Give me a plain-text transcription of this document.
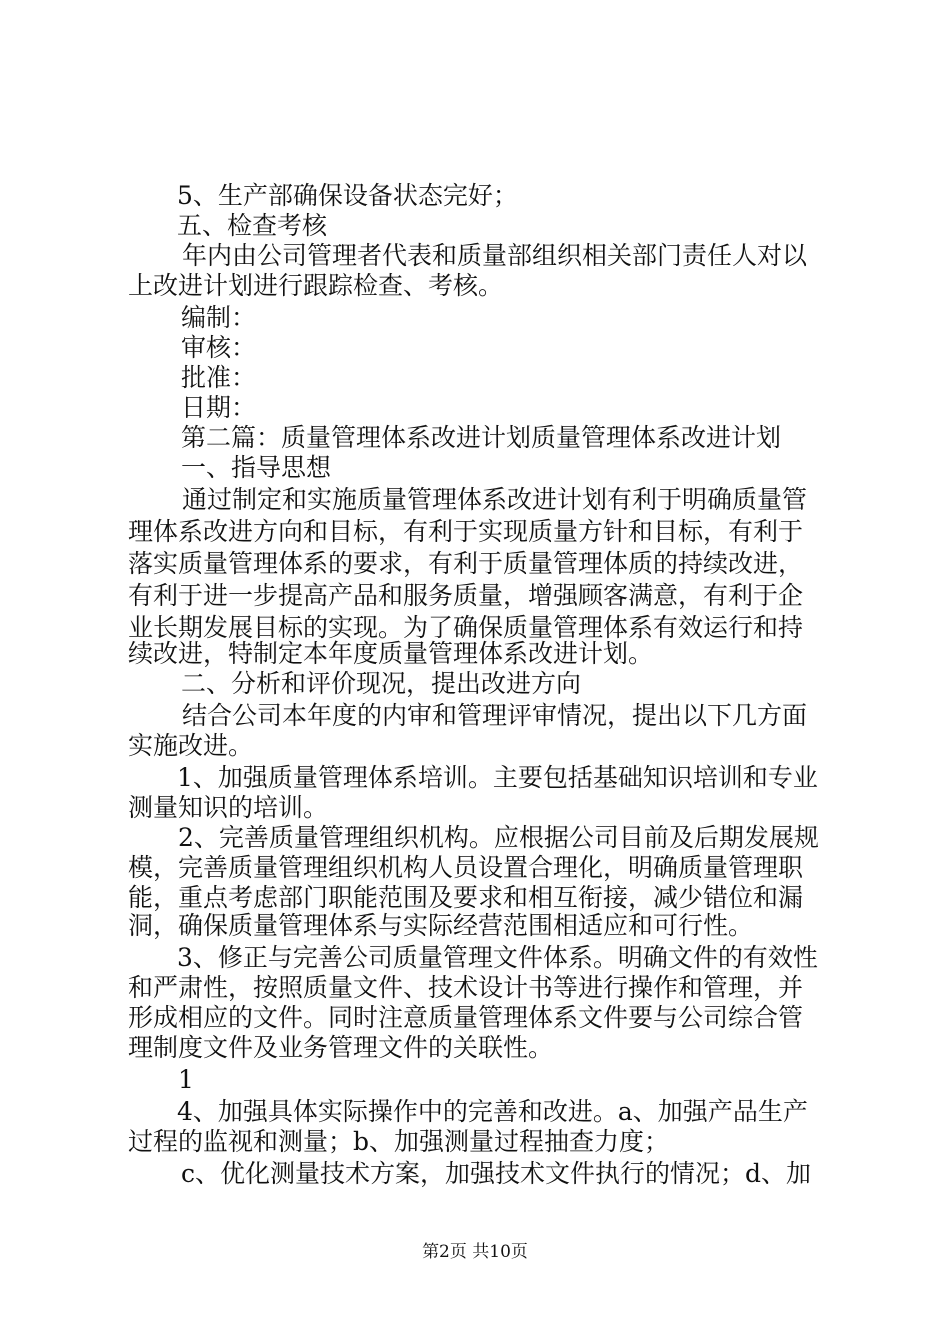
5、生产部确保设备状态完好；
五、检查考核
年内由公司管理者代表和质量部组织相关部门责任人对以
上改进计划进行跟踪检查、考核。
编制：
审核：
批准：
日期：
第二篇：质量管理体系改进计划质量管理体系改进计划
一、指导思想
通过制定和实施质量管理体系改进计划有利于明确质量管
理体系改进方向和目标，有利于实现质量方针和目标，有利于
落实质量管理体系的要求，有利于质量管理体质的持续改进，
有利于进一步提高产品和服务质量，增强顾客满意，有利于企
业长期发展目标的实现。为了确保质量管理体系有效运行和持
续改进，特制定本年度质量管理体系改进计划。
二、分析和评价现况，提出改进方向
结合公司本年度的内审和管理评审情况，提出以下几方面
实施改进。
1、加强质量管理体系培训。主要包括基础知识培训和专业
测量知识的培训。
2、完善质量管理组织机构。应根据公司目前及后期发展规
模，完善质量管理组织机构人员设置合理化，明确质量管理职
能，重点考虑部门职能范围及要求和相互衔接，减少错位和漏
洞，确保质量管理体系与实际经营范围相适应和可行性。
3、修正与完善公司质量管理文件体系。明确文件的有效性
和严肃性，按照质量文件、技术设计书等进行操作和管理，并
形成相应的文件。同时注意质量管理体系文件要与公司综合管
理制度文件及业务管理文件的关联性。
1
4、加强具体实际操作中的完善和改进。a、加强产品生产
过程的监视和测量；b、加强测量过程抽查力度；
c、优化测量技术方案，加强技术文件执行的情况；d、加
第2页 共10页
